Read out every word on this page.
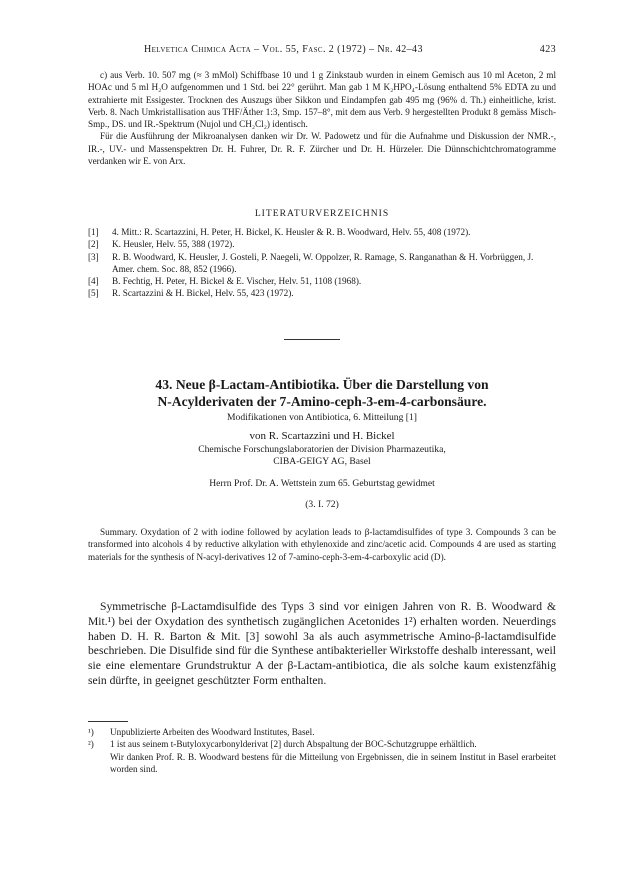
Helvetica Chimica Acta – Vol. 55, Fasc. 2 (1972) – Nr. 42–43	423

c) aus Verb. 10. 507 mg (≈ 3 mMol) Schiffbase 10 und 1 g Zinkstaub wurden in einem Gemisch aus 10 ml Aceton, 2 ml HOAc und 5 ml H₂O aufgenommen und 1 Std. bei 22° gerührt. Man gab 1 M K₂HPO₄-Lösung enthaltend 5% EDTA zu und extrahierte mit Essigester. Trocknen des Auszugs über Sikkon und Eindampfen gab 495 mg (96% d. Th.) einheitliche, krist. Verb. 8. Nach Umkristallisation aus THF/Äther 1:3, Smp. 157–8°, mit dem aus Verb. 9 hergestellten Produkt 8 gemäss Misch-Smp., DS. und IR.-Spektrum (Nujol und CH₂Cl₂) identisch.

Für die Ausführung der Mikroanalysen danken wir Dr. W. Padowetz und für die Aufnahme und Diskussion der NMR.-, IR.-, UV.- und Massenspektren Dr. H. Fuhrer, Dr. R. F. Zürcher und Dr. H. Hürzeler. Die Dünnschichtchromatogramme verdanken wir E. von Arx.

LITERATURVERZEICHNIS

[1] 4. Mitt.: R. Scartazzini, H. Peter, H. Bickel, K. Heusler & R. B. Woodward, Helv. 55, 408 (1972).
[2] K. Heusler, Helv. 55, 388 (1972).
[3] R. B. Woodward, K. Heusler, J. Gosteli, P. Naegeli, W. Oppolzer, R. Ramage, S. Ranganathan & H. Vorbrüggen, J. Amer. chem. Soc. 88, 852 (1966).
[4] B. Fechtig, H. Peter, H. Bickel & E. Vischer, Helv. 51, 1108 (1968).
[5] R. Scartazzini & H. Bickel, Helv. 55, 423 (1972).

43. Neue β-Lactam-Antibiotika. Über die Darstellung von

N-Acylderivaten der 7-Amino-ceph-3-em-4-carbonsäure.

Modifikationen von Antibiotica, 6. Mitteilung [1]

von R. Scartazzini und H. Bickel

Chemische Forschungslaboratorien der Division Pharmazeutika,

CIBA-GEIGY AG, Basel

Herrn Prof. Dr. A. Wettstein zum 65. Geburtstag gewidmet

(3. I. 72)

Summary. Oxydation of 2 with iodine followed by acylation leads to β-lactamdisulfides of type 3. Compounds 3 can be transformed into alcohols 4 by reductive alkylation with ethylenoxide and zinc/acetic acid. Compounds 4 are used as starting materials for the synthesis of N-acyl-derivatives 12 of 7-amino-ceph-3-em-4-carboxylic acid (D).

Symmetrische β-Lactamdisulfide des Typs 3 sind vor einigen Jahren von R. B. Woodward & Mit.¹) bei der Oxydation des synthetisch zugänglichen Acetonides 1²) erhalten worden. Neuerdings haben D. H. R. Barton & Mit. [3] sowohl 3a als auch asymmetrische Amino-β-lactamdisulfide beschrieben. Die Disulfide sind für die Synthese antibakterieller Wirkstoffe deshalb interessant, weil sie eine elementare Grundstruktur A der β-Lactam-antibiotica, die als solche kaum existenzfähig sein dürfte, in geeignet geschützter Form enthalten.

¹) Unpublizierte Arbeiten des Woodward Institutes, Basel.

²) 1 ist aus seinem t-Butyloxycarbonylderivat [2] durch Abspaltung der BOC-Schutzgruppe erhältlich.

Wir danken Prof. R. B. Woodward bestens für die Mitteilung von Ergebnissen, die in seinem Institut in Basel erarbeitet worden sind.
